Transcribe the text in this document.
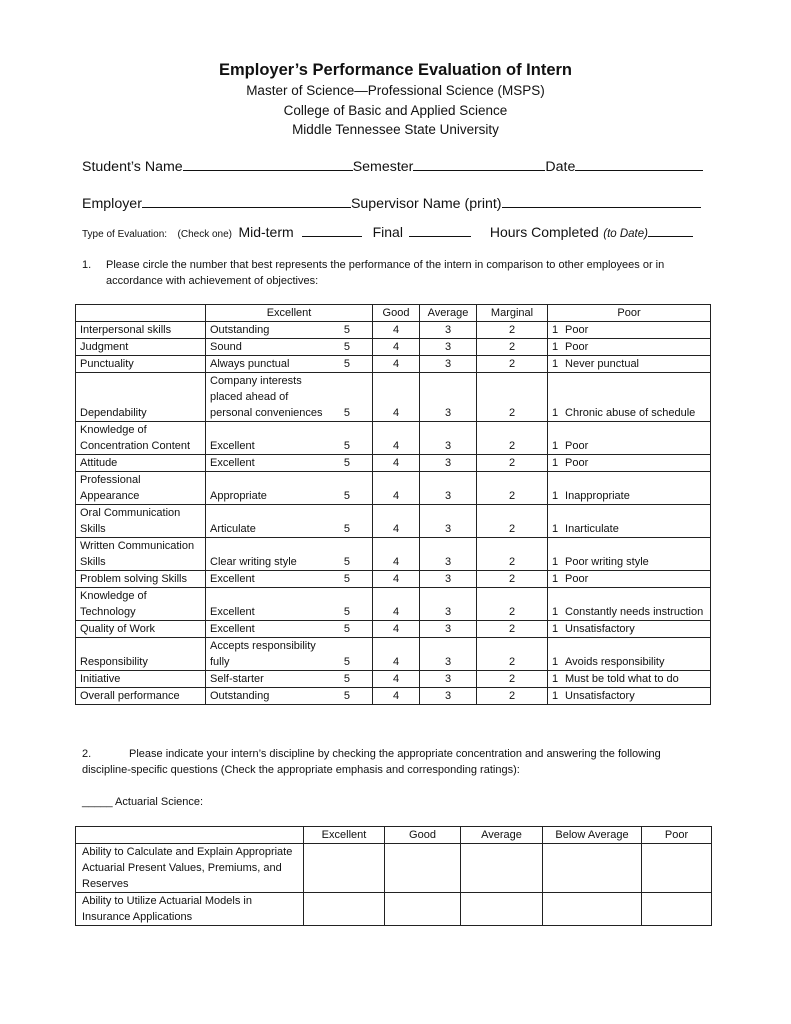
Employer’s Performance Evaluation of Intern
Master of Science—Professional Science (MSPS)
College of Basic and Applied Science
Middle Tennessee State University
Student’s Name	Semester	Date
Employer	Supervisor Name (print)
Type of Evaluation: (Check one) Mid-term	Final	Hours Completed (to Date)
1.	Please circle the number that best represents the performance of the intern in comparison to other employees or in accordance with achievement of objectives:
	Excellent		Good	Average	Marginal	Poor
Interpersonal skills	Outstanding	5	4	3	2	1 Poor

Judgment	Sound	5	4	3	2	1 Poor

Punctuality	Always punctual	5	4	3	2	1 Never punctual

Dependability	Company interests placed ahead of personal conveniences	5	4	3	2	1 Chronic abuse of schedule

Knowledge of Concentration Content	Excellent	5	4	3	2	1 Poor

Attitude	Excellent	5	4	3	2	1 Poor

Professional Appearance	Appropriate	5	4	3	2	1 Inappropriate

Oral Communication Skills	Articulate	5	4	3	2	1 Inarticulate

Written Communication Skills	Clear writing style	5	4	3	2	1 Poor writing style

Problem solving Skills	Excellent	5	4	3	2	1 Poor

Knowledge of Technology	Excellent	5	4	3	2	1 Constantly needs instruction

Quality of Work	Excellent	5	4	3	2	1 Unsatisfactory

Responsibility	Accepts responsibility fully	5	4	3	2	1 Avoids responsibility

Initiative	Self-starter	5	4	3	2	1 Must be told what to do

Overall performance	Outstanding	5	4	3	2	1 Unsatisfactory
2.	Please indicate your intern’s discipline by checking the appropriate concentration and answering the following discipline-specific questions (Check the appropriate emphasis and corresponding ratings):
_____ Actuarial Science:
	Excellent	Good	Average	Below Average	Poor
Ability to Calculate and Explain Appropriate Actuarial Present Values, Premiums, and Reserves					
Ability to Utilize Actuarial Models in Insurance Applications					
